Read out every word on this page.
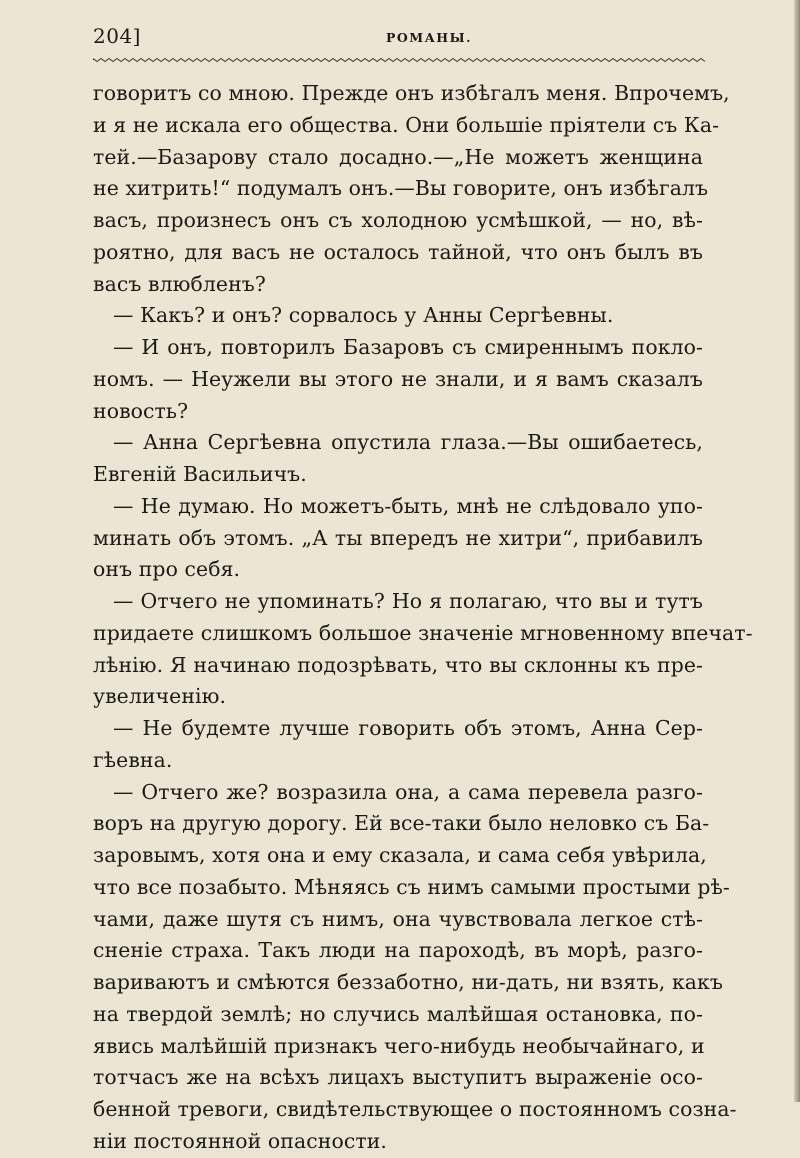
204]	РОМАНЫ.
говоритъ со мною. Прежде онъ избѣгалъ меня. Впрочемъ,
и я не искала его общества. Они большіе пріятели съ Ка-
тей.—Базарову стало досадно.—„Не можетъ женщина
не хитрить!“ подумалъ онъ.—Вы говорите, онъ избѣгалъ
васъ, произнесъ онъ съ холодною усмѣшкой, — но, вѣ-
роятно, для васъ не осталось тайной, что онъ былъ въ
васъ влюбленъ?
— Какъ? и онъ? сорвалось у Анны Сергѣевны.
— И онъ, повторилъ Базаровъ съ смиреннымъ покло-
номъ. — Неужели вы этого не знали, и я вамъ сказалъ
новость?
— Анна Сергѣевна опустила глаза.—Вы ошибаетесь,
Евгеній Васильичъ.
— Не думаю. Но можетъ-быть, мнѣ не слѣдовало упо-
минать объ этомъ. „А ты впередъ не хитри“, прибавилъ
онъ про себя.
— Отчего не упоминать? Но я полагаю, что вы и тутъ
придаете слишкомъ большое значеніе мгновенному впечат-
лѣнію. Я начинаю подозрѣвать, что вы склонны къ пре-
увеличенію.
— Не будемте лучше говорить объ этомъ, Анна Сер-
гѣевна.
— Отчего же? возразила она, а сама перевела разго-
воръ на другую дорогу. Ей все-таки было неловко съ Ба-
заровымъ, хотя она и ему сказала, и сама себя увѣрила,
что все позабыто. Мѣняясь съ нимъ самыми простыми рѣ-
чами, даже шутя съ нимъ, она чувствовала легкое стѣ-
сненіе страха. Такъ люди на пароходѣ, въ морѣ, разго-
вариваютъ и смѣются беззаботно, ни-дать, ни взять, какъ
на твердой землѣ; но случись малѣйшая остановка, по-
явись малѣйшій признакъ чего-нибудь необычайнаго, и
тотчасъ же на всѣхъ лицахъ выступитъ выраженіе осо-
бенной тревоги, свидѣтельствующее о постоянномъ созна-
ніи постоянной опасности.
